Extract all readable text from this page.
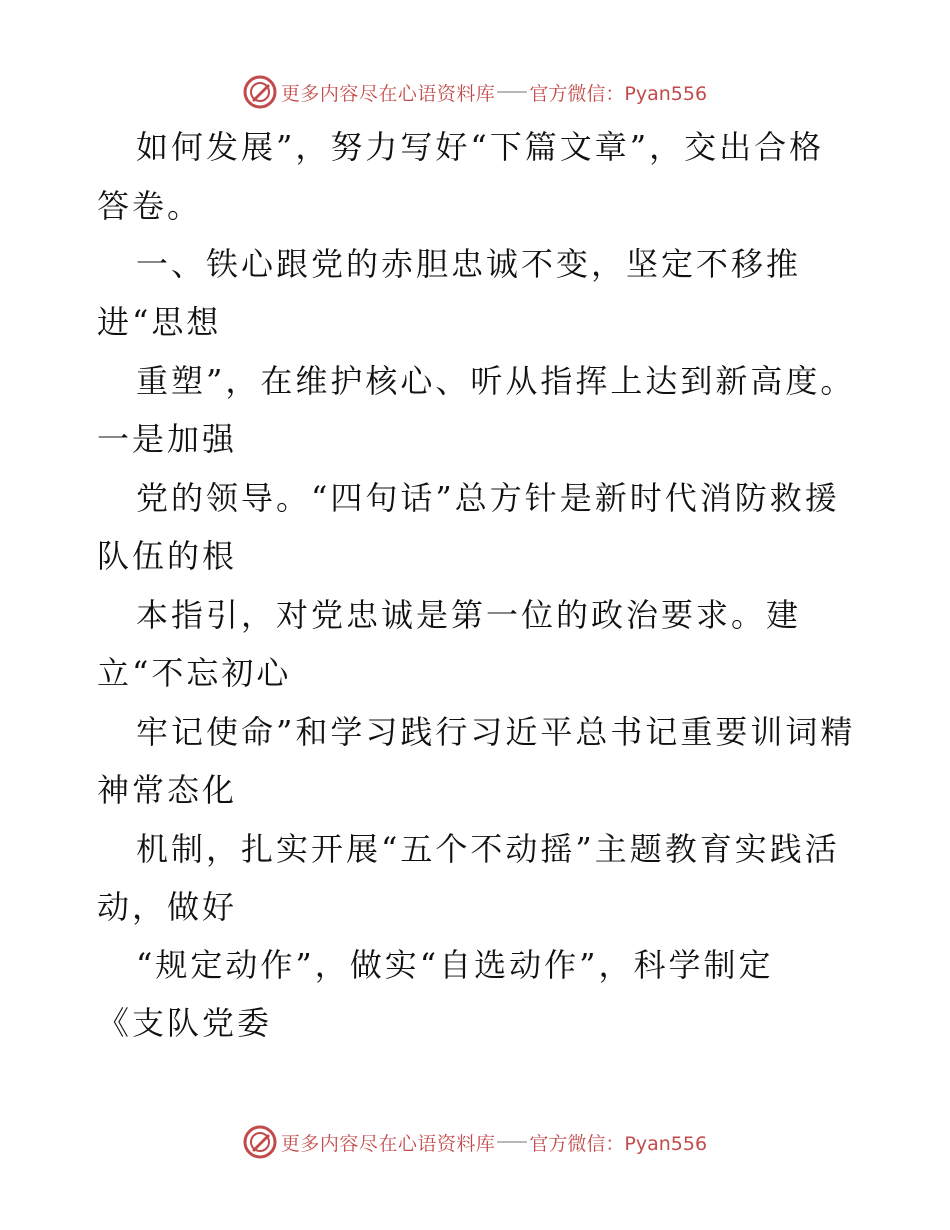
更多内容尽在心语资料库 官方微信：Pyan556
如何发展”，努力写好“下篇文章”，交出合格
答卷。
一、铁心跟党的赤胆忠诚不变，坚定不移推
进“思想
重塑”，在维护核心、听从指挥上达到新高度。
一是加强
党的领导。“四句话”总方针是新时代消防救援
队伍的根
本指引，对党忠诚是第一位的政治要求。建
立“不忘初心
牢记使命”和学习践行习近平总书记重要训词精
神常态化
机制，扎实开展“五个不动摇”主题教育实践活
动，做好
“规定动作”，做实“自选动作”，科学制定
《支队党委
更多内容尽在心语资料库 官方微信：Pyan556
